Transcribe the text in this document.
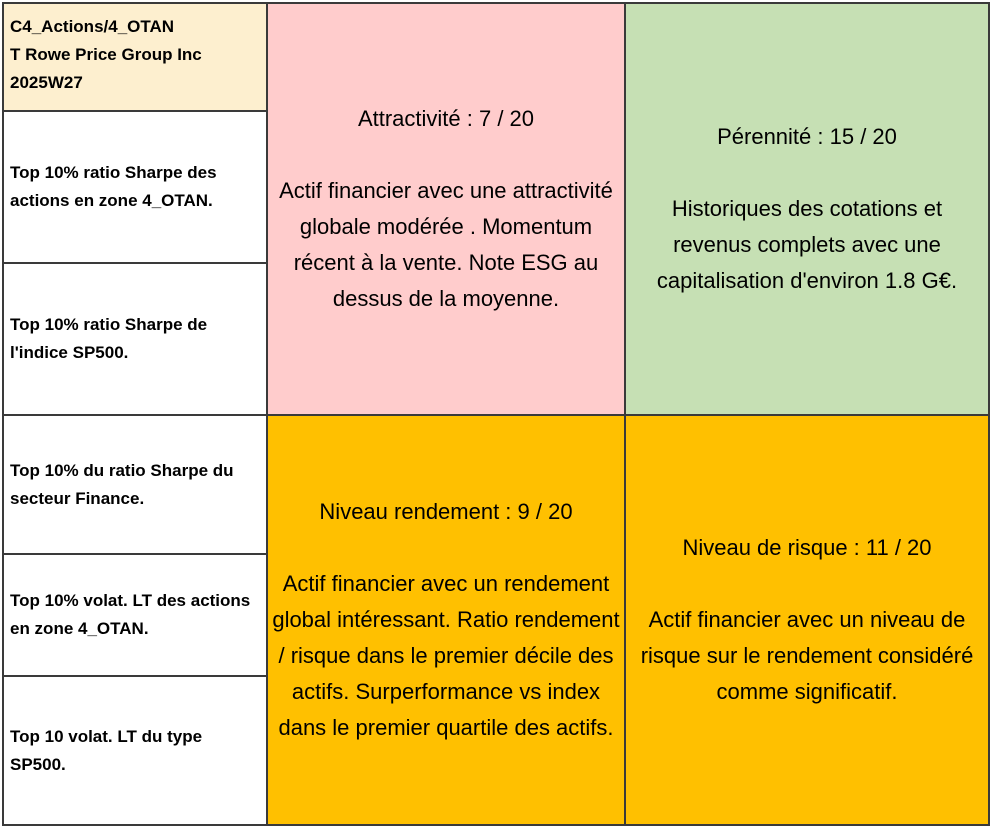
C4_Actions/4_OTAN
T Rowe Price Group Inc
2025W27
Top 10% ratio Sharpe des actions en zone 4_OTAN.
Top 10% ratio Sharpe de l'indice SP500.
Top 10% du ratio Sharpe du secteur Finance.
Top 10% volat. LT des actions en zone 4_OTAN.
Top 10 volat. LT du type SP500.
Attractivité : 7 / 20
Actif financier avec une attractivité globale modérée . Momentum récent à la vente. Note ESG au dessus de la moyenne.
Pérennité : 15 / 20
Historiques des cotations et revenus complets avec une capitalisation d'environ 1.8 G€.
Niveau rendement : 9 / 20
Actif financier avec un rendement global intéressant. Ratio rendement / risque dans le premier décile des actifs. Surperformance vs index dans le premier quartile des actifs.
Niveau de risque : 11 / 20
Actif financier avec un niveau de risque sur le rendement considéré comme significatif.
